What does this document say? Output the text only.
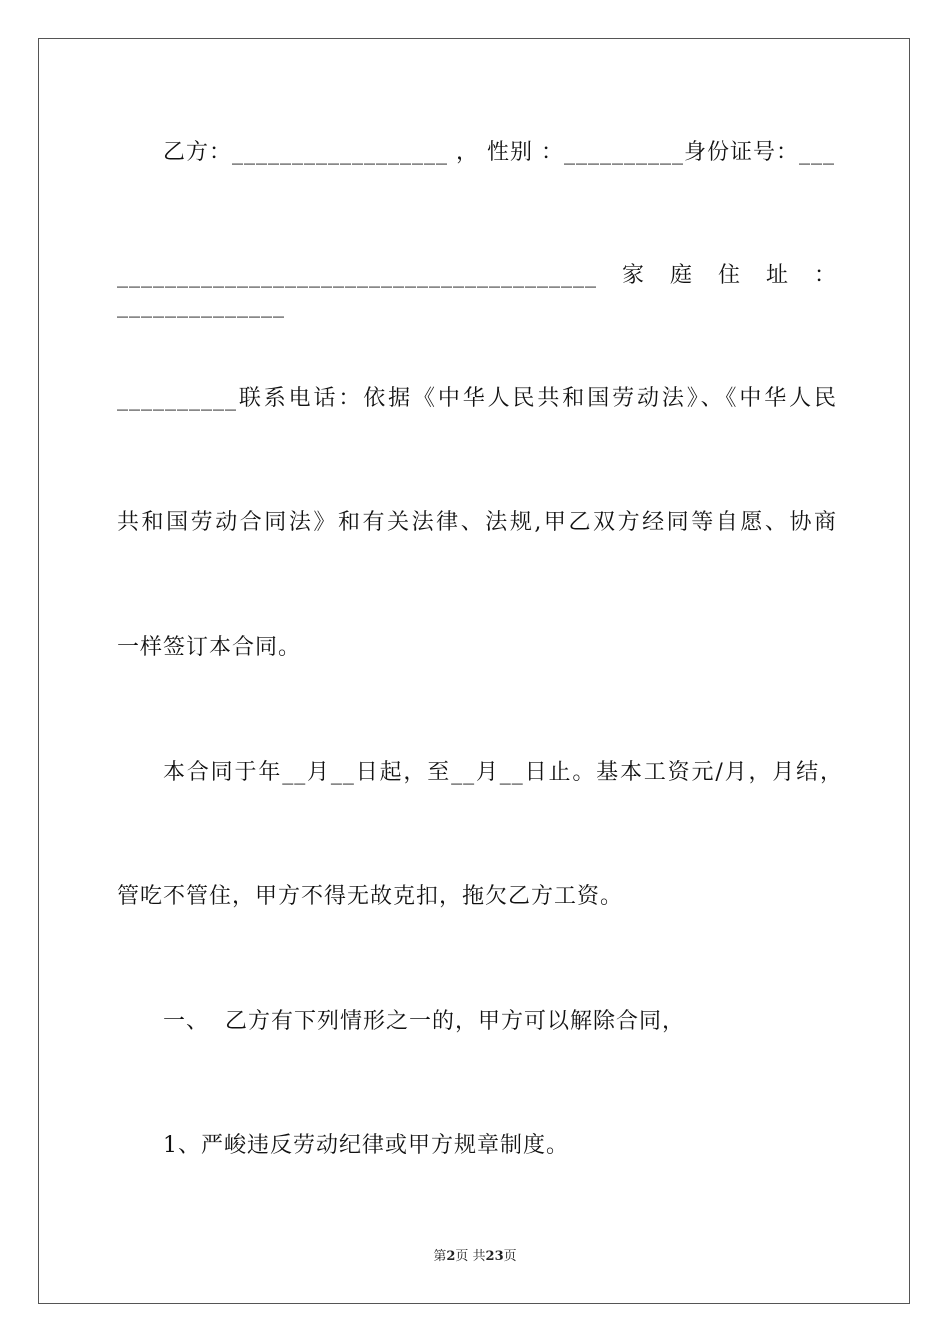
乙方：__________________ ， 性别 ：__________身份证号：___
________________________________________家庭住址：______________
__________联系电话：依据《中华人民共和国劳动法》、《中华人民
共和国劳动合同法》和有关法律、法规,甲乙双方经同等自愿、协商
一样签订本合同。
本合同于年__月__日起，至__月__日止。基本工资元/月，月结，
管吃不管住，甲方不得无故克扣，拖欠乙方工资。
一、  乙方有下列情形之一的，甲方可以解除合同，
1、严峻违反劳动纪律或甲方规章制度。
第2页 共23页
